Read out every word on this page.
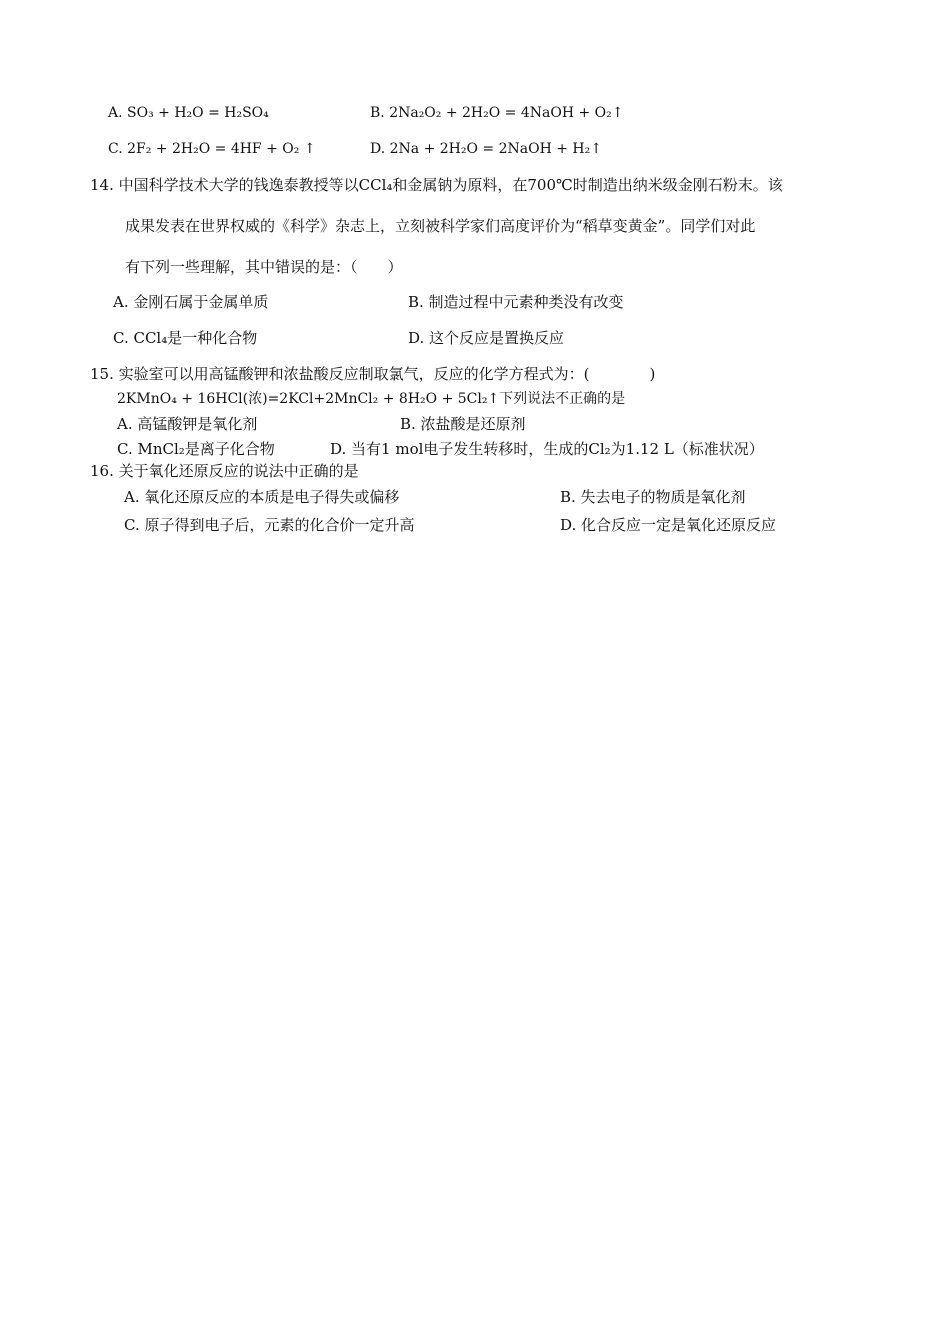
A. SO₃ + H₂O = H₂SO₄	B. 2Na₂O₂ + 2H₂O = 4NaOH + O₂↑
C. 2F₂ + 2H₂O = 4HF + O₂ ↑	D. 2Na + 2H₂O = 2NaOH + H₂↑
14. 中国科学技术大学的钱逸泰教授等以CCl₄和金属钠为原料，在700℃时制造出纳米级金刚石粉末。该
成果发表在世界权威的《科学》杂志上，立刻被科学家们高度评价为“稻草变黄金”。同学们对此
有下列一些理解，其中错误的是：（　　）
A. 金刚石属于金属单质	B. 制造过程中元素种类没有改变
C. CCl₄是一种化合物	D. 这个反应是置换反应
15. 实验室可以用高锰酸钾和浓盐酸反应制取氯气，反应的化学方程式为：(　　　　)
2KMnO₄ + 16HCl(浓)=2KCl+2MnCl₂ + 8H₂O + 5Cl₂↑下列说法不正确的是
A. 高锰酸钾是氧化剂	B. 浓盐酸是还原剂
C. MnCl₂是离子化合物	D. 当有1 mol电子发生转移时，生成的Cl₂为1.12 L（标准状况）
16. 关于氧化还原反应的说法中正确的是
A. 氧化还原反应的本质是电子得失或偏移	B. 失去电子的物质是氧化剂
C. 原子得到电子后，元素的化合价一定升高	D. 化合反应一定是氧化还原反应
